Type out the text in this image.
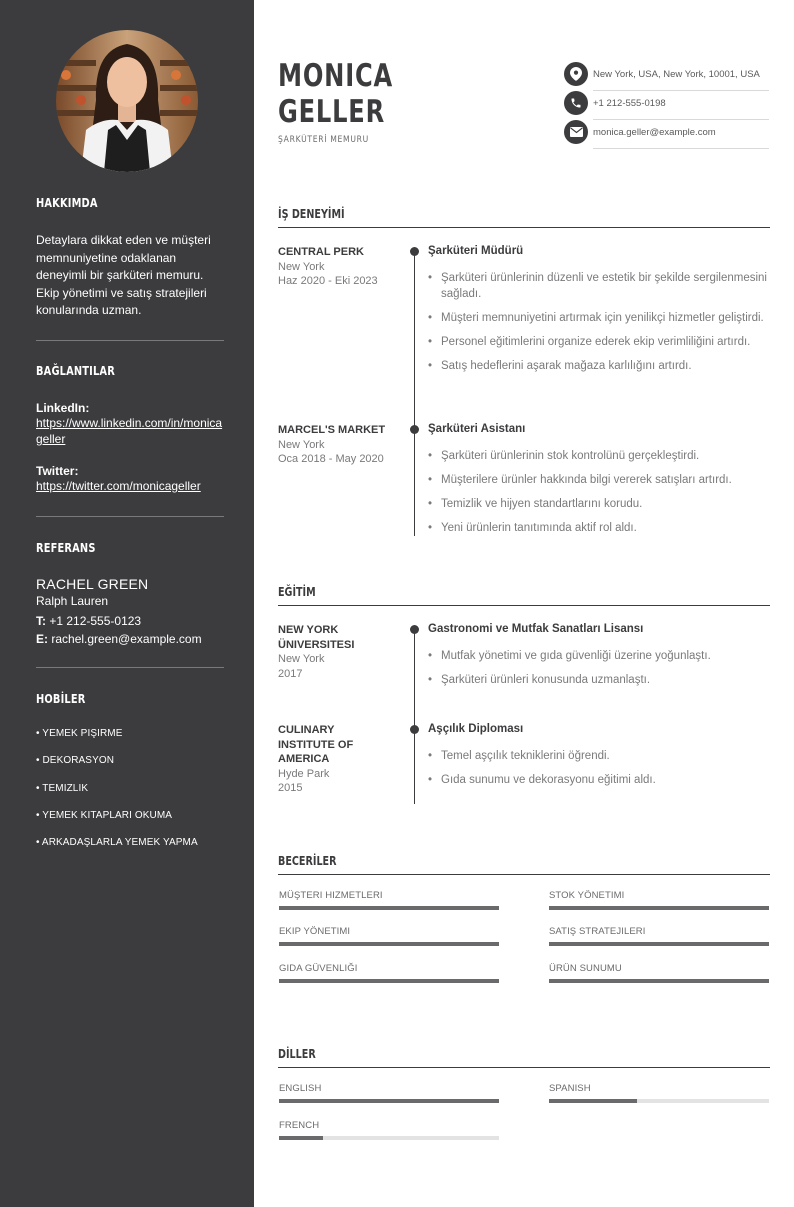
HAKKIMDA
Detaylara dikkat eden ve müşteri memnuniyetine odaklanan deneyimli bir şarküteri memuru. Ekip yönetimi ve satış stratejileri konularında uzman.
BAĞLANTILAR
LinkedIn:
https://www.linkedin.com/in/monicageller
Twitter:
https://twitter.com/monicageller
REFERANS
RACHEL GREEN
Ralph Lauren
T: +1 212-555-0123
E: rachel.green@example.com
HOBİLER
• YEMEK PIŞIRME
• DEKORASYON
• TEMIZLIK
• YEMEK KITAPLARI OKUMA
• ARKADAŞLARLA YEMEK YAPMA
MONICA
GELLER
ŞARKÜTERİ MEMURU
New York, USA, New York, 10001, USA
+1 212-555-0198
monica.geller@example.com
İŞ DENEYİMİ
CENTRAL PERK
New York
Haz 2020 - Eki 2023
Şarküteri Müdürü
• Şarküteri ürünlerinin düzenli ve estetik bir şekilde sergilenmesini sağladı.
• Müşteri memnuniyetini artırmak için yenilikçi hizmetler geliştirdi.
• Personel eğitimlerini organize ederek ekip verimliliğini artırdı.
• Satış hedeflerini aşarak mağaza karlılığını artırdı.
MARCEL'S MARKET
New York
Oca 2018 - May 2020
Şarküteri Asistanı
• Şarküteri ürünlerinin stok kontrolünü gerçekleştirdi.
• Müşterilere ürünler hakkında bilgi vererek satışları artırdı.
• Temizlik ve hijyen standartlarını korudu.
• Yeni ürünlerin tanıtımında aktif rol aldı.
EĞİTİM
NEW YORK ÜNIVERSITESI
New York
2017
Gastronomi ve Mutfak Sanatları Lisansı
• Mutfak yönetimi ve gıda güvenliği üzerine yoğunlaştı.
• Şarküteri ürünleri konusunda uzmanlaştı.
CULINARY INSTITUTE OF AMERICA
Hyde Park
2015
Aşçılık Diploması
• Temel aşçılık tekniklerini öğrendi.
• Gıda sunumu ve dekorasyonu eğitimi aldı.
BECERİLER
MÜŞTERI HIZMETLERI	STOK YÖNETIMI
EKIP YÖNETIMI	SATIŞ STRATEJILERI
GIDA GÜVENLIĞI	ÜRÜN SUNUMU
DİLLER
ENGLISH	SPANISH
FRENCH
